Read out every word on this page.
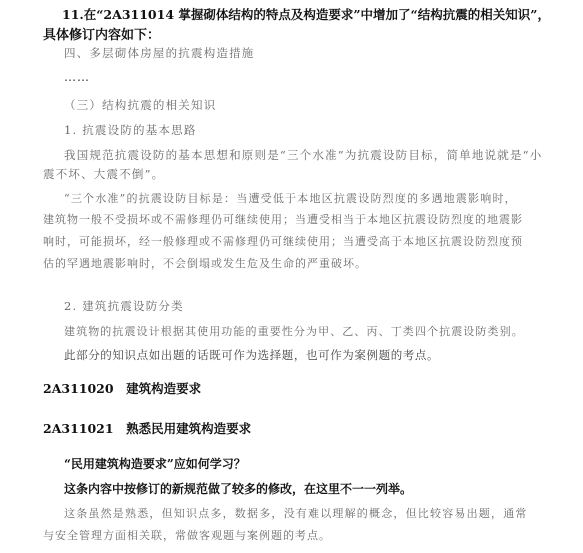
11.在“2A311014 掌握砌体结构的特点及构造要求”中增加了“结构抗震的相关知识”，
具体修订内容如下：
四、多层砌体房屋的抗震构造措施
……
（三）结构抗震的相关知识
1. 抗震设防的基本思路
我国规范抗震设防的基本思想和原则是“三个水准”为抗震设防目标，简单地说就是“小
震不坏、大震不倒”。
“三个水准”的抗震设防目标是：当遭受低于本地区抗震设防烈度的多遇地震影响时，
建筑物一般不受损坏或不需修理仍可继续使用；当遭受相当于本地区抗震设防烈度的地震影
响时，可能损坏，经一般修理或不需修理仍可继续使用；当遭受高于本地区抗震设防烈度预
估的罕遇地震影响时，不会倒塌或发生危及生命的严重破坏。
2. 建筑抗震设防分类
建筑物的抗震设计根据其使用功能的重要性分为甲、乙、丙、丁类四个抗震设防类别。
此部分的知识点如出题的话既可作为选择题，也可作为案例题的考点。
2A311020　建筑构造要求
2A311021　熟悉民用建筑构造要求
“民用建筑构造要求”应如何学习？
这条内容中按修订的新规范做了较多的修改，在这里不一一列举。
这条虽然是熟悉，但知识点多，数据多，没有难以理解的概念，但比较容易出题，通常
与安全管理方面相关联，常做客观题与案例题的考点。
